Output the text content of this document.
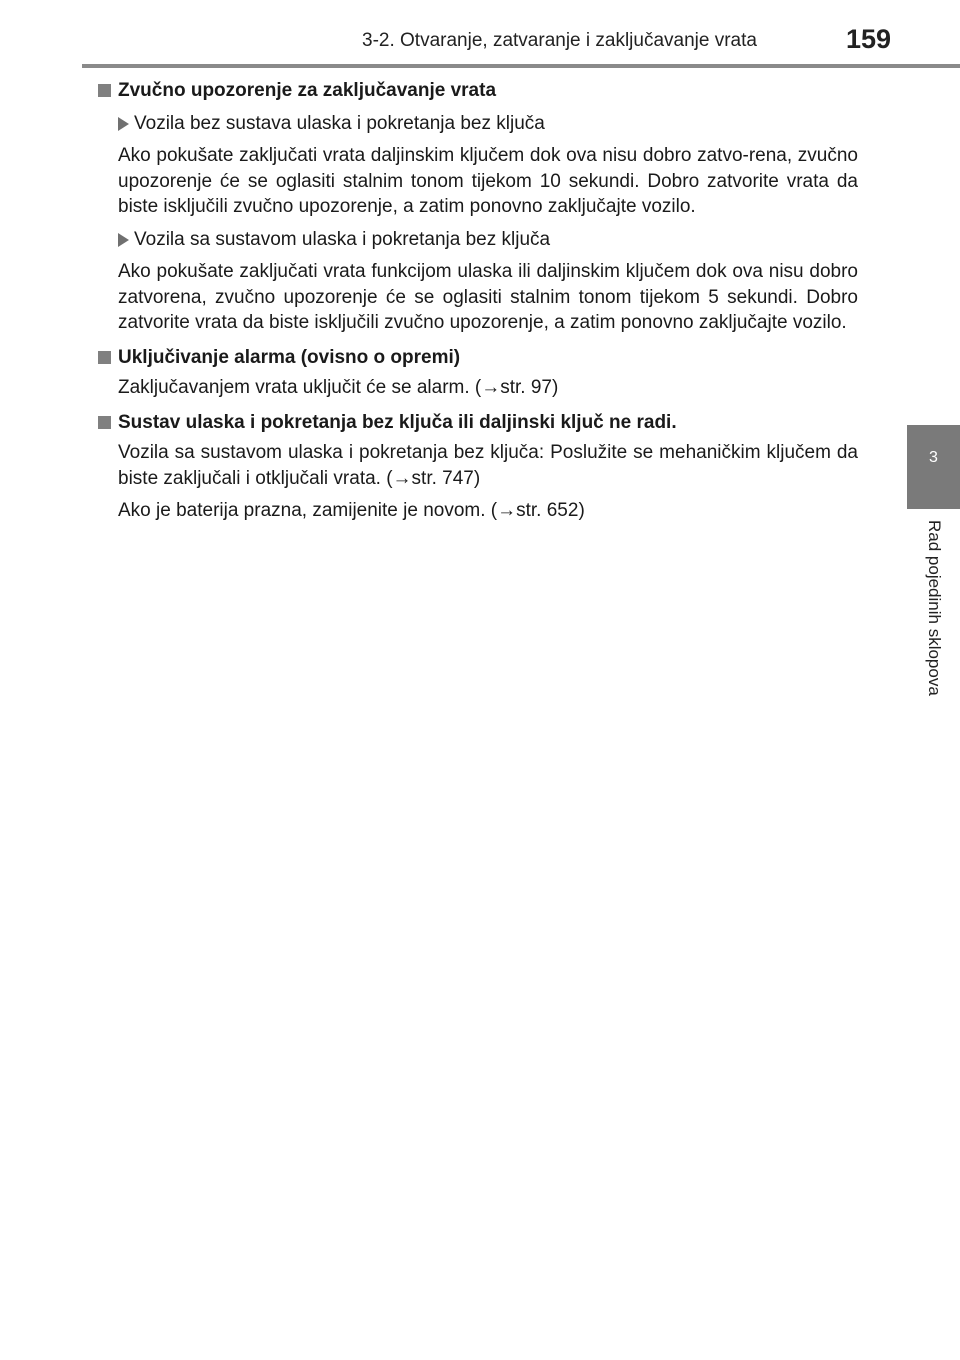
3-2. Otvaranje, zatvaranje i zaključavanje vrata	159
3
Rad pojedinih sklopova
Zvučno upozorenje za zaključavanje vrata
Vozila bez sustava ulaska i pokretanja bez ključa

Ako pokušate zaključati vrata daljinskim ključem dok ova nisu dobro zatvo-rena, zvučno upozorenje će se oglasiti stalnim tonom tijekom 10 sekundi. Dobro zatvorite vrata da biste isključili zvučno upozorenje, a zatim ponovno zaključajte vozilo.

Vozila sa sustavom ulaska i pokretanja bez ključa

Ako pokušate zaključati vrata funkcijom ulaska ili daljinskim ključem dok ova nisu dobro zatvorena, zvučno upozorenje će se oglasiti stalnim tonom tijekom 5 sekundi. Dobro zatvorite vrata da biste isključili zvučno upozorenje, a zatim ponovno zaključajte vozilo.

Uključivanje alarma (ovisno o opremi)

Zaključavanjem vrata uključit će se alarm. (→str. 97)

Sustav ulaska i pokretanja bez ključa ili daljinski ključ ne radi.

Vozila sa sustavom ulaska i pokretanja bez ključa: Poslužite se mehaničkim ključem da biste zaključali i otključali vrata. (→str. 747)

Ako je baterija prazna, zamijenite je novom. (→str. 652)
